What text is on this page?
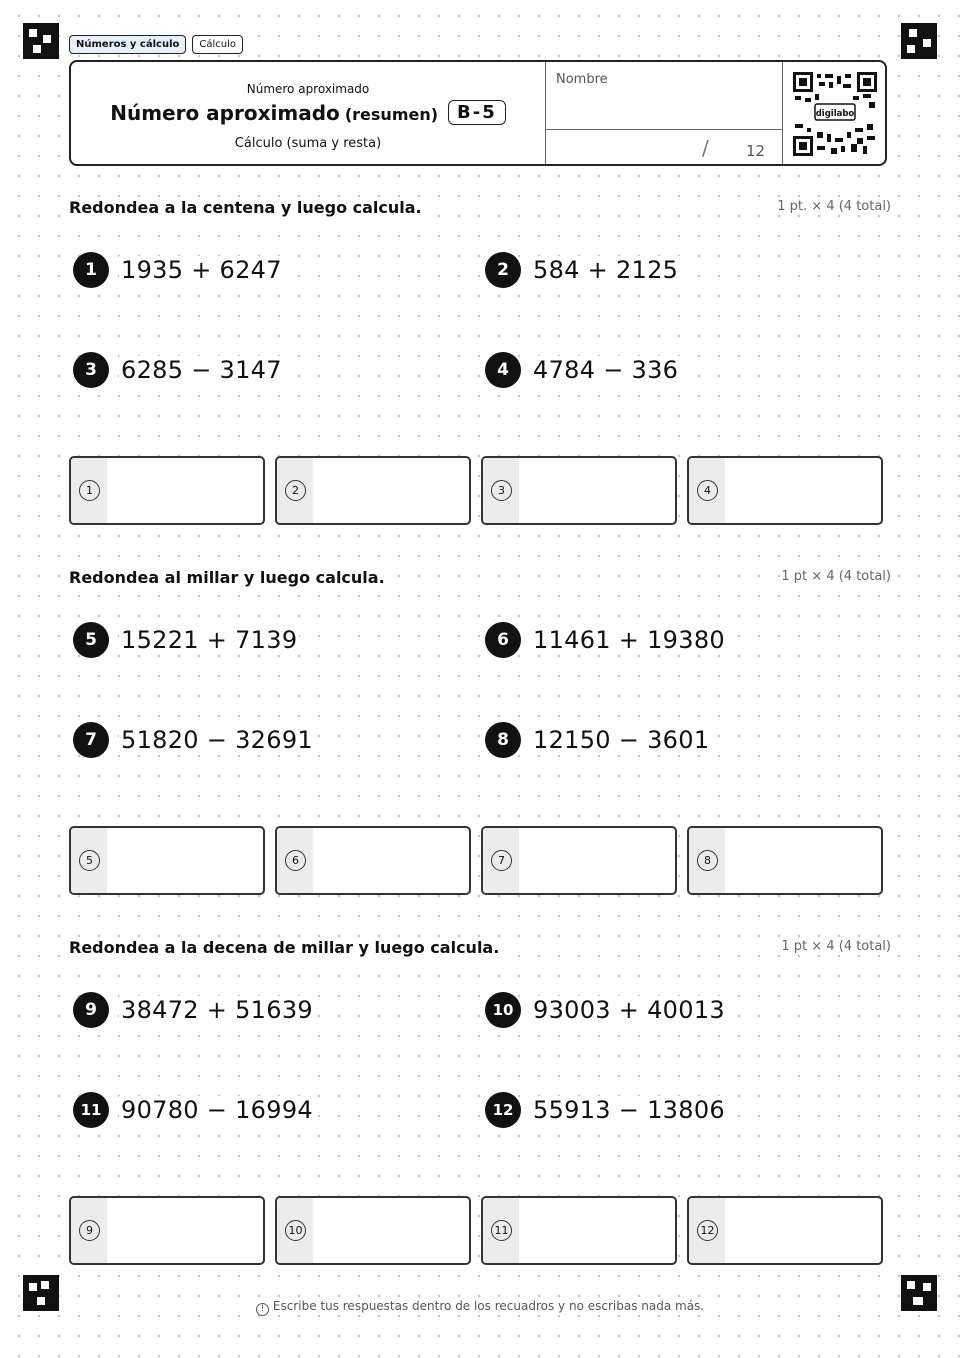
Números y cálculo	Cálculo
Número aproximado
Número aproximado (resumen)	B-5
Cálculo (suma y resta)
Nombre
/ 12
digilabo
Redondea a la centena y luego calcula.	1 pt. × 4 (4 total)
1	1935 + 6247
1
2	584 + 2125
2
3	6285 − 3147
3
4	4784 − 336
4
Redondea al millar y luego calcula.	1 pt × 4 (4 total)
5	15221 + 7139
5
6	11461 + 19380
6
7	51820 − 32691
7
8	12150 − 3601
8
Redondea a la decena de millar y luego calcula.	1 pt × 4 (4 total)
9	38472 + 51639
9
10 93003 + 40013
10
11 90780 − 16994
11
12 55913 − 13806
12
! Escribe tus respuestas dentro de los recuadros y no escribas nada más.
